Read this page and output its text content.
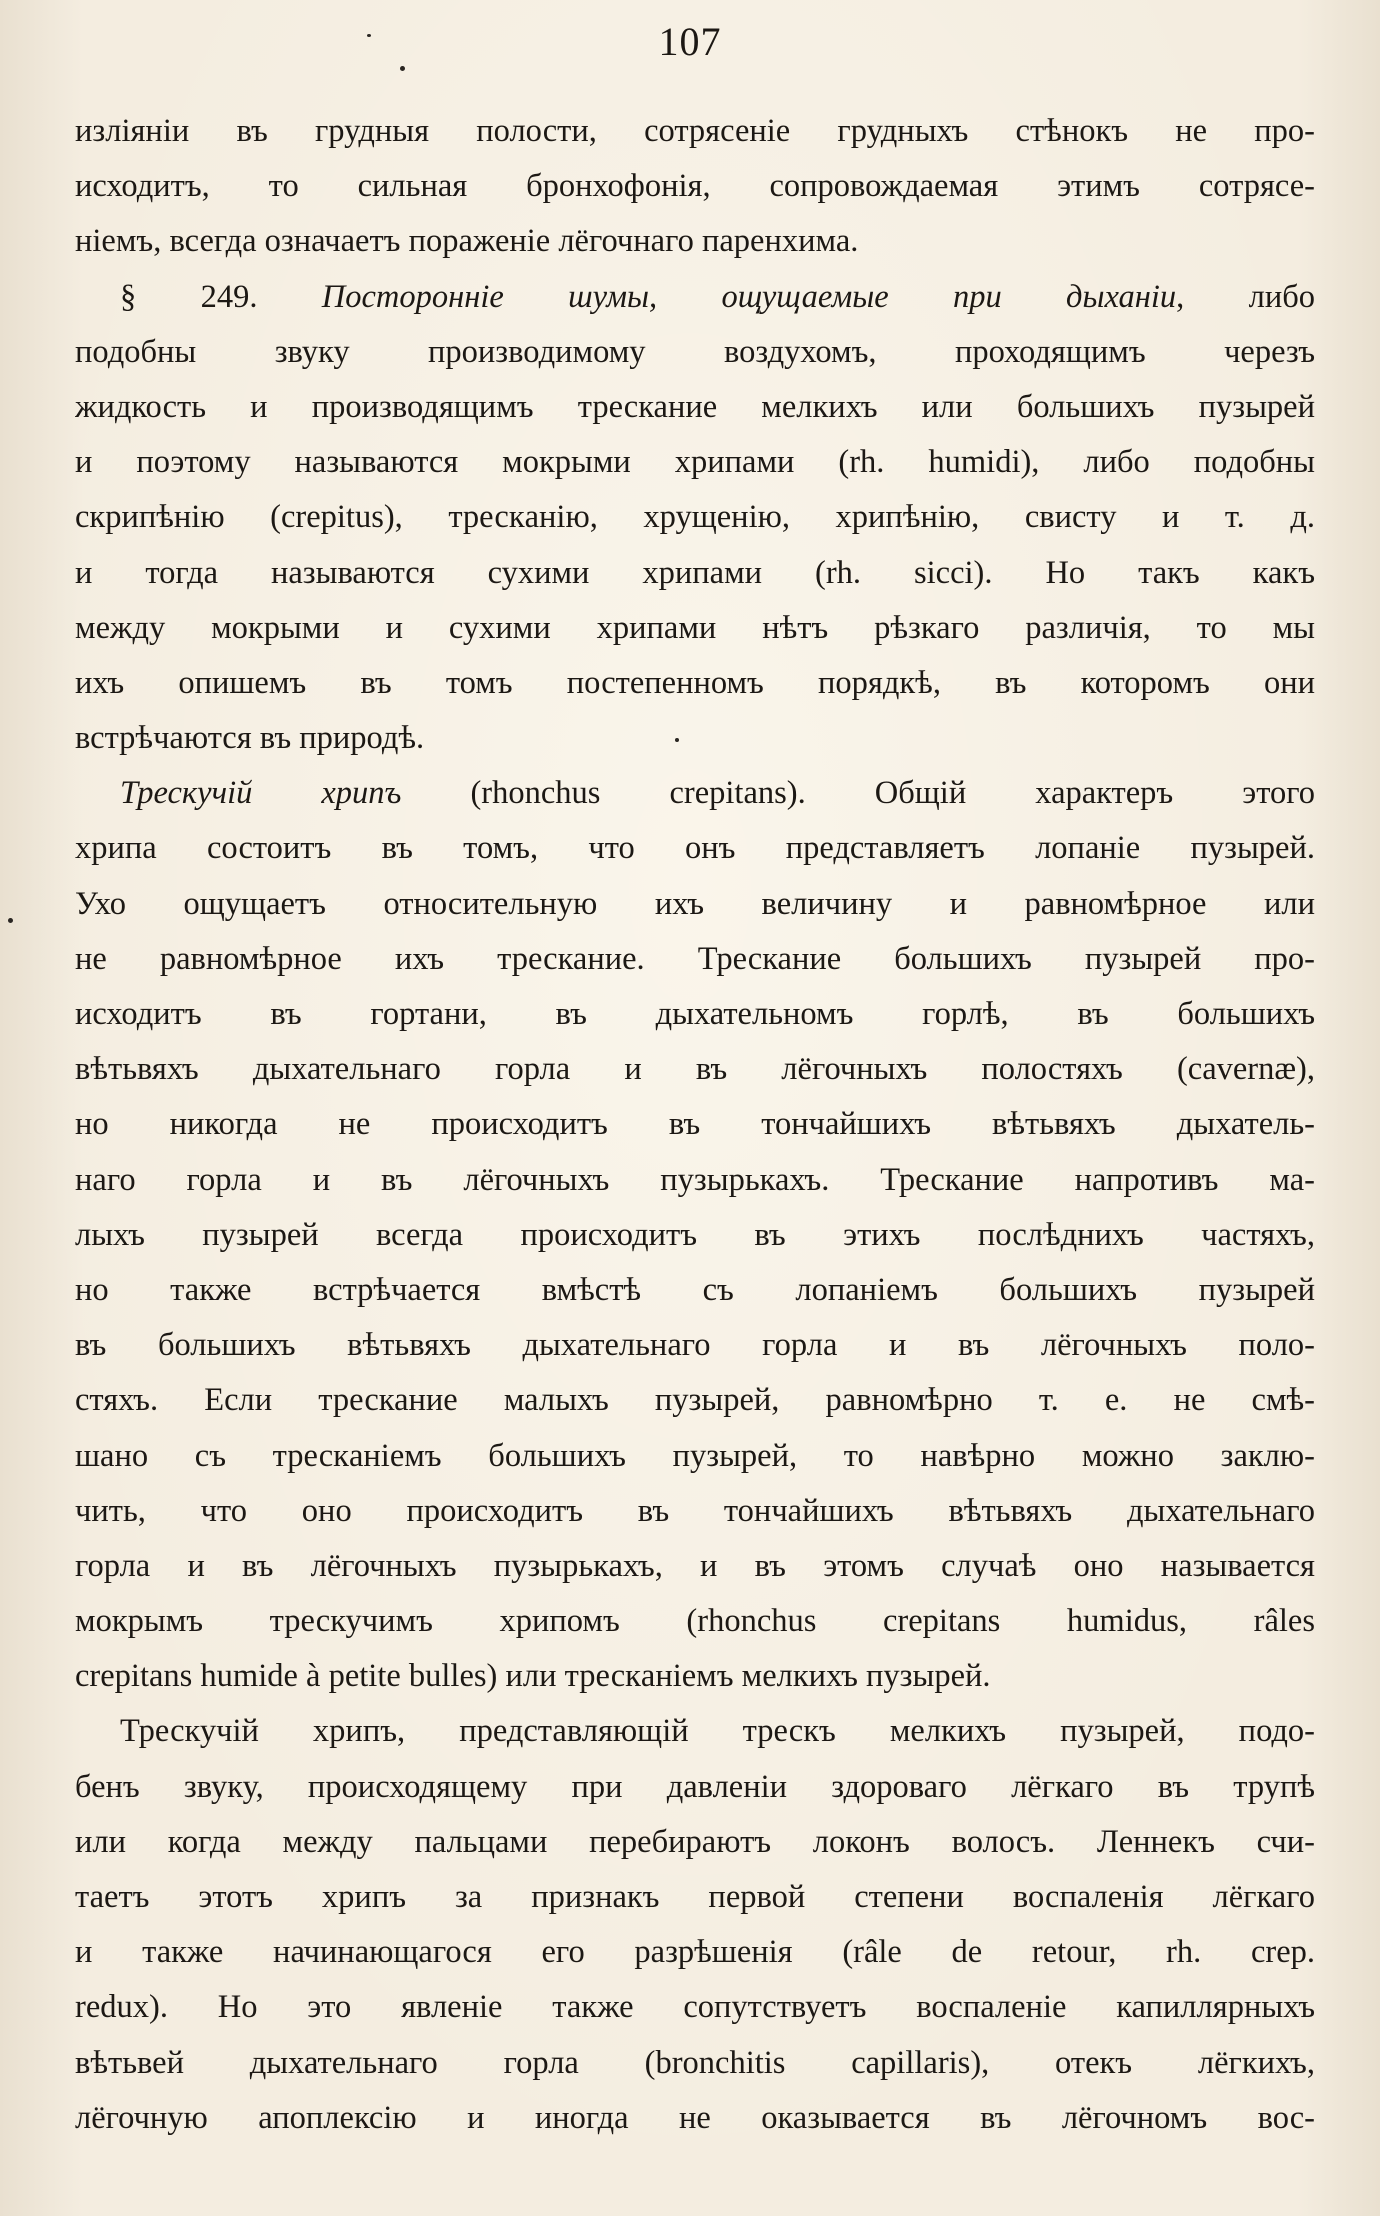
107
изліяніи въ грудныя полости, сотрясеніе грудныхъ стѣнокъ не про-
исходитъ, то сильная бронхофонія, сопровождаемая этимъ сотрясе-
ніемъ, всегда означаетъ пораженіе лёгочнаго паренхима.
§ 249. Посторонніе шумы, ощущаемые при дыханіи, либо
подобны звуку производимому воздухомъ, проходящимъ черезъ
жидкость и производящимъ трескание мелкихъ или большихъ пузырей
и поэтому называются мокрыми хрипами (rh. humidi), либо подобны
скрипѣнію (crepitus), трескaнію, хрущенію, хрипѣнію, свисту и т. д.
и тогда называются сухими хрипами (rh. sicci). Но такъ какъ
между мокрыми и сухими хрипами нѣтъ рѣзкаго различія, то мы
ихъ опишемъ въ томъ постепенномъ порядкѣ, въ которомъ они
встрѣчаются въ природѣ.
Трескучій хрипъ (rhonchus crepitans). Общій характеръ этого
хрипа состоитъ въ томъ, что онъ представляетъ лопаніе пузырей.
Ухо ощущаетъ относительную ихъ величину и равномѣрное или
не равномѣрное ихъ трескание. Трескание большихъ пузырей про-
исходитъ въ гортани, въ дыхательномъ горлѣ, въ большихъ
вѣтьвяхъ дыхательнаго горла и въ лёгочныхъ полостяхъ (cavernæ),
но никогда не происходитъ въ тончайшихъ вѣтьвяхъ дыхатель-
наго горла и въ лёгочныхъ пузырькахъ. Трескание напротивъ ма-
лыхъ пузырей всегда происходитъ въ этихъ послѣднихъ частяхъ,
но также встрѣчается вмѣстѣ съ лопаніемъ большихъ пузырей
въ большихъ вѣтьвяхъ дыхательнаго горла и въ лёгочныхъ поло-
стяхъ. Если трескание малыхъ пузырей, равномѣрно т. е. не смѣ-
шано съ трескaніемъ большихъ пузырей, то навѣрно можно заклю-
чить, что оно происходитъ въ тончайшихъ вѣтьвяхъ дыхательнаго
горла и въ лёгочныхъ пузырькахъ, и въ этомъ случаѣ оно называется
мокрымъ трескучимъ хрипомъ (rhonchus crepitans humidus, râles
crepitans humide à petite bulles) или трескaніемъ мелкихъ пузырей.
Трескучій хрипъ, представляющій трескъ мелкихъ пузырей, подо-
бенъ звуку, происходящему при давленіи здороваго лёгкаго въ трупѣ
или когда между пальцами перебираютъ локонъ волосъ. Леннекъ счи-
таетъ этотъ хрипъ за признакъ первой степени воспаленія лёгкаго
и также начинающагося его разрѣшенія (râle de retour, rh. crep.
redux). Но это явленіе также сопутствуетъ воспаленіе капиллярныхъ
вѣтьвей дыхательнаго горла (bronchitis capillaris), отекъ лёгкихъ,
лёгочную апоплексію и иногда не оказывается въ лёгочномъ вос-
